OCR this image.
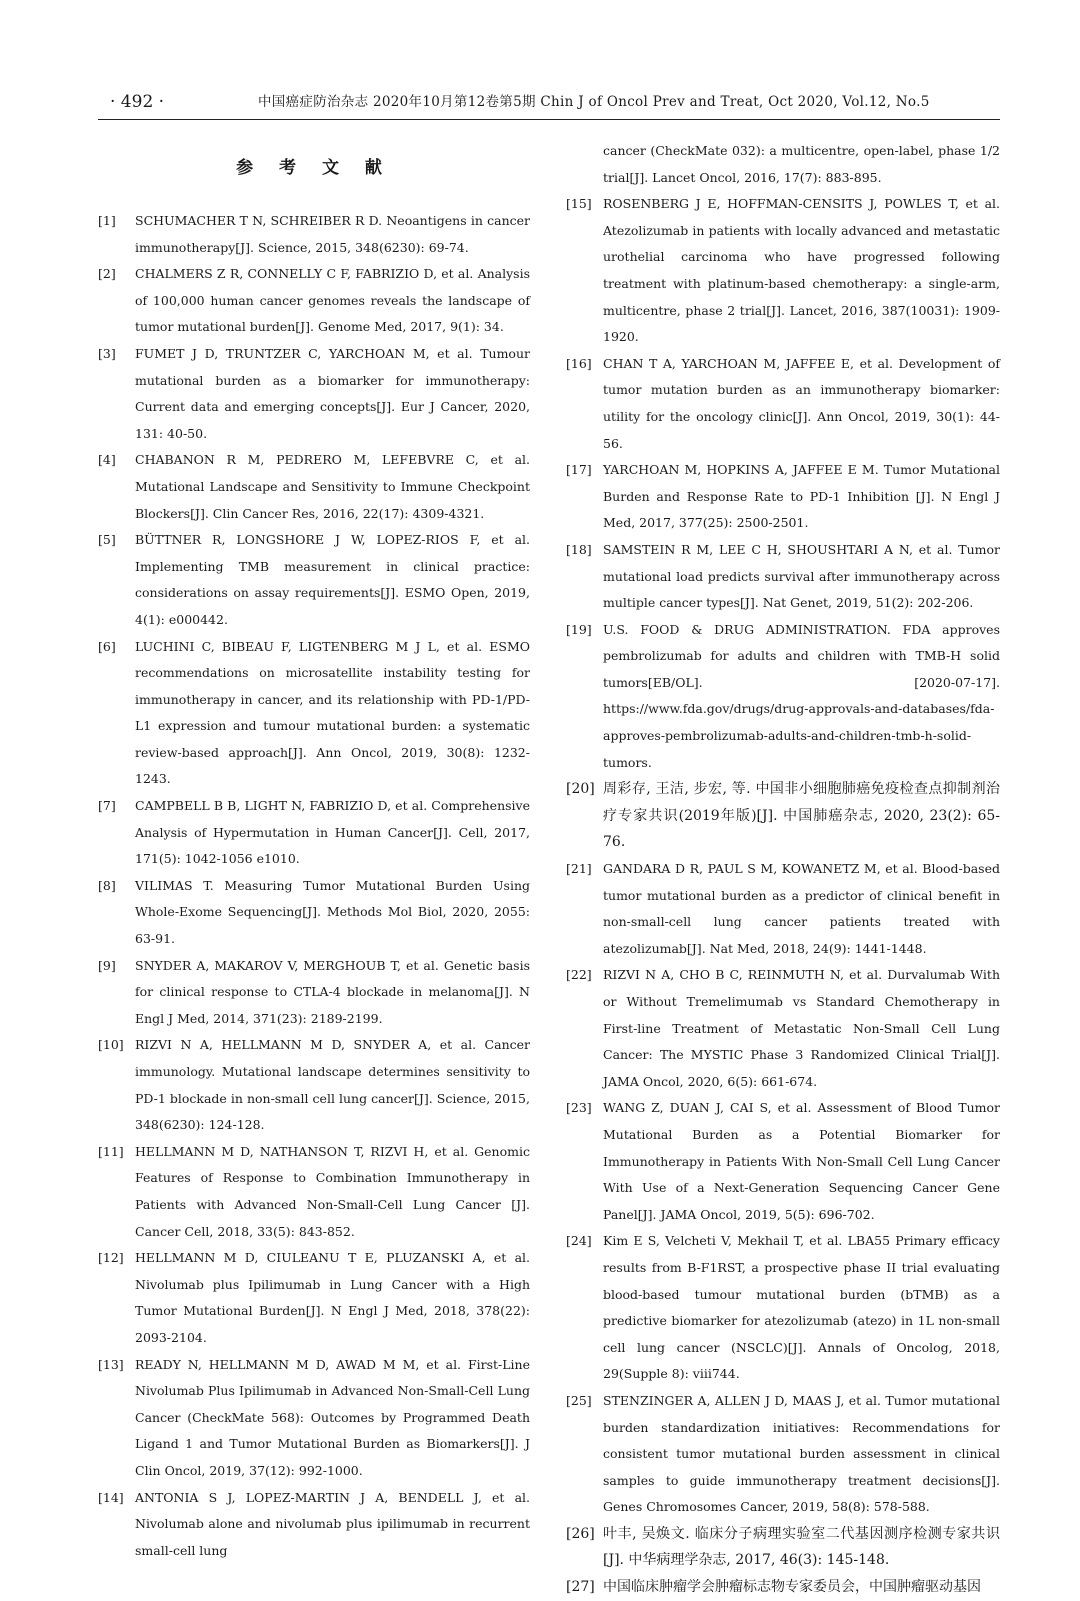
· 492 ·	中国癌症防治杂志 2020年10月第12卷第5期 Chin J of Oncol Prev and Treat, Oct 2020, Vol.12, No.5
参 考 文 献
[1] SCHUMACHER T N, SCHREIBER R D. Neoantigens in cancer immunotherapy[J]. Science, 2015, 348(6230): 69-74.
[2] CHALMERS Z R, CONNELLY C F, FABRIZIO D, et al. Analysis of 100,000 human cancer genomes reveals the landscape of tumor mutational burden[J]. Genome Med, 2017, 9(1): 34.
[3] FUMET J D, TRUNTZER C, YARCHOAN M, et al. Tumour mutational burden as a biomarker for immunotherapy: Current data and emerging concepts[J]. Eur J Cancer, 2020, 131: 40-50.
[4] CHABANON R M, PEDRERO M, LEFEBVRE C, et al. Mutational Landscape and Sensitivity to Immune Checkpoint Blockers[J]. Clin Cancer Res, 2016, 22(17): 4309-4321.
[5] BÜTTNER R, LONGSHORE J W, LOPEZ-RIOS F, et al. Implementing TMB measurement in clinical practice: considerations on assay requirements[J]. ESMO Open, 2019, 4(1): e000442.
[6] LUCHINI C, BIBEAU F, LIGTENBERG M J L, et al. ESMO recommendations on microsatellite instability testing for immunotherapy in cancer, and its relationship with PD-1/PD-L1 expression and tumour mutational burden: a systematic review-based approach[J]. Ann Oncol, 2019, 30(8): 1232-1243.
[7] CAMPBELL B B, LIGHT N, FABRIZIO D, et al. Comprehensive Analysis of Hypermutation in Human Cancer[J]. Cell, 2017, 171(5): 1042-1056 e1010.
[8] VILIMAS T. Measuring Tumor Mutational Burden Using Whole-Exome Sequencing[J]. Methods Mol Biol, 2020, 2055: 63-91.
[9] SNYDER A, MAKAROV V, MERGHOUB T, et al. Genetic basis for clinical response to CTLA-4 blockade in melanoma[J]. N Engl J Med, 2014, 371(23): 2189-2199.
[10] RIZVI N A, HELLMANN M D, SNYDER A, et al. Cancer immunology. Mutational landscape determines sensitivity to PD-1 blockade in non-small cell lung cancer[J]. Science, 2015, 348(6230): 124-128.
[11] HELLMANN M D, NATHANSON T, RIZVI H, et al. Genomic Features of Response to Combination Immunotherapy in Patients with Advanced Non-Small-Cell Lung Cancer [J]. Cancer Cell, 2018, 33(5): 843-852.
[12] HELLMANN M D, CIULEANU T E, PLUZANSKI A, et al. Nivolumab plus Ipilimumab in Lung Cancer with a High Tumor Mutational Burden[J]. N Engl J Med, 2018, 378(22): 2093-2104.
[13] READY N, HELLMANN M D, AWAD M M, et al. First-Line Nivolumab Plus Ipilimumab in Advanced Non-Small-Cell Lung Cancer (CheckMate 568): Outcomes by Programmed Death Ligand 1 and Tumor Mutational Burden as Biomarkers[J]. J Clin Oncol, 2019, 37(12): 992-1000.
[14] ANTONIA S J, LOPEZ-MARTIN J A, BENDELL J, et al. Nivolumab alone and nivolumab plus ipilimumab in recurrent small-cell lung
cancer (CheckMate 032): a multicentre, open-label, phase 1/2 trial[J]. Lancet Oncol, 2016, 17(7): 883-895.
[15] ROSENBERG J E, HOFFMAN-CENSITS J, POWLES T, et al. Atezolizumab in patients with locally advanced and metastatic urothelial carcinoma who have progressed following treatment with platinum-based chemotherapy: a single-arm, multicentre, phase 2 trial[J]. Lancet, 2016, 387(10031): 1909-1920.
[16] CHAN T A, YARCHOAN M, JAFFEE E, et al. Development of tumor mutation burden as an immunotherapy biomarker: utility for the oncology clinic[J]. Ann Oncol, 2019, 30(1): 44-56.
[17] YARCHOAN M, HOPKINS A, JAFFEE E M. Tumor Mutational Burden and Response Rate to PD-1 Inhibition [J]. N Engl J Med, 2017, 377(25): 2500-2501.
[18] SAMSTEIN R M, LEE C H, SHOUSHTARI A N, et al. Tumor mutational load predicts survival after immunotherapy across multiple cancer types[J]. Nat Genet, 2019, 51(2): 202-206.
[19] U.S. FOOD & DRUG ADMINISTRATION. FDA approves pembrolizumab for adults and children with TMB-H solid tumors[EB/OL]. [2020-07-17]. https://www.fda.gov/drugs/drug-approvals-and-databases/fda-approves-pembrolizumab-adults-and-children-tmb-h-solid-tumors.
[20] 周彩存, 王洁, 步宏, 等. 中国非小细胞肺癌免疫检查点抑制剂治疗专家共识(2019年版)[J]. 中国肺癌杂志, 2020, 23(2): 65-76.
[21] GANDARA D R, PAUL S M, KOWANETZ M, et al. Blood-based tumor mutational burden as a predictor of clinical benefit in non-small-cell lung cancer patients treated with atezolizumab[J]. Nat Med, 2018, 24(9): 1441-1448.
[22] RIZVI N A, CHO B C, REINMUTH N, et al. Durvalumab With or Without Tremelimumab vs Standard Chemotherapy in First-line Treatment of Metastatic Non-Small Cell Lung Cancer: The MYSTIC Phase 3 Randomized Clinical Trial[J]. JAMA Oncol, 2020, 6(5): 661-674.
[23] WANG Z, DUAN J, CAI S, et al. Assessment of Blood Tumor Mutational Burden as a Potential Biomarker for Immunotherapy in Patients With Non-Small Cell Lung Cancer With Use of a Next-Generation Sequencing Cancer Gene Panel[J]. JAMA Oncol, 2019, 5(5): 696-702.
[24] Kim E S, Velcheti V, Mekhail T, et al. LBA55 Primary efficacy results from B-F1RST, a prospective phase II trial evaluating blood-based tumour mutational burden (bTMB) as a predictive biomarker for atezolizumab (atezo) in 1L non-small cell lung cancer (NSCLC)[J]. Annals of Oncolog, 2018, 29(Supple 8): viii744.
[25] STENZINGER A, ALLEN J D, MAAS J, et al. Tumor mutational burden standardization initiatives: Recommendations for consistent tumor mutational burden assessment in clinical samples to guide immunotherapy treatment decisions[J]. Genes Chromosomes Cancer, 2019, 58(8): 578-588.
[26] 叶丰, 吴焕文. 临床分子病理实验室二代基因测序检测专家共识[J]. 中华病理学杂志, 2017, 46(3): 145-148.
[27] 中国临床肿瘤学会肿瘤标志物专家委员会，中国肿瘤驱动基因
